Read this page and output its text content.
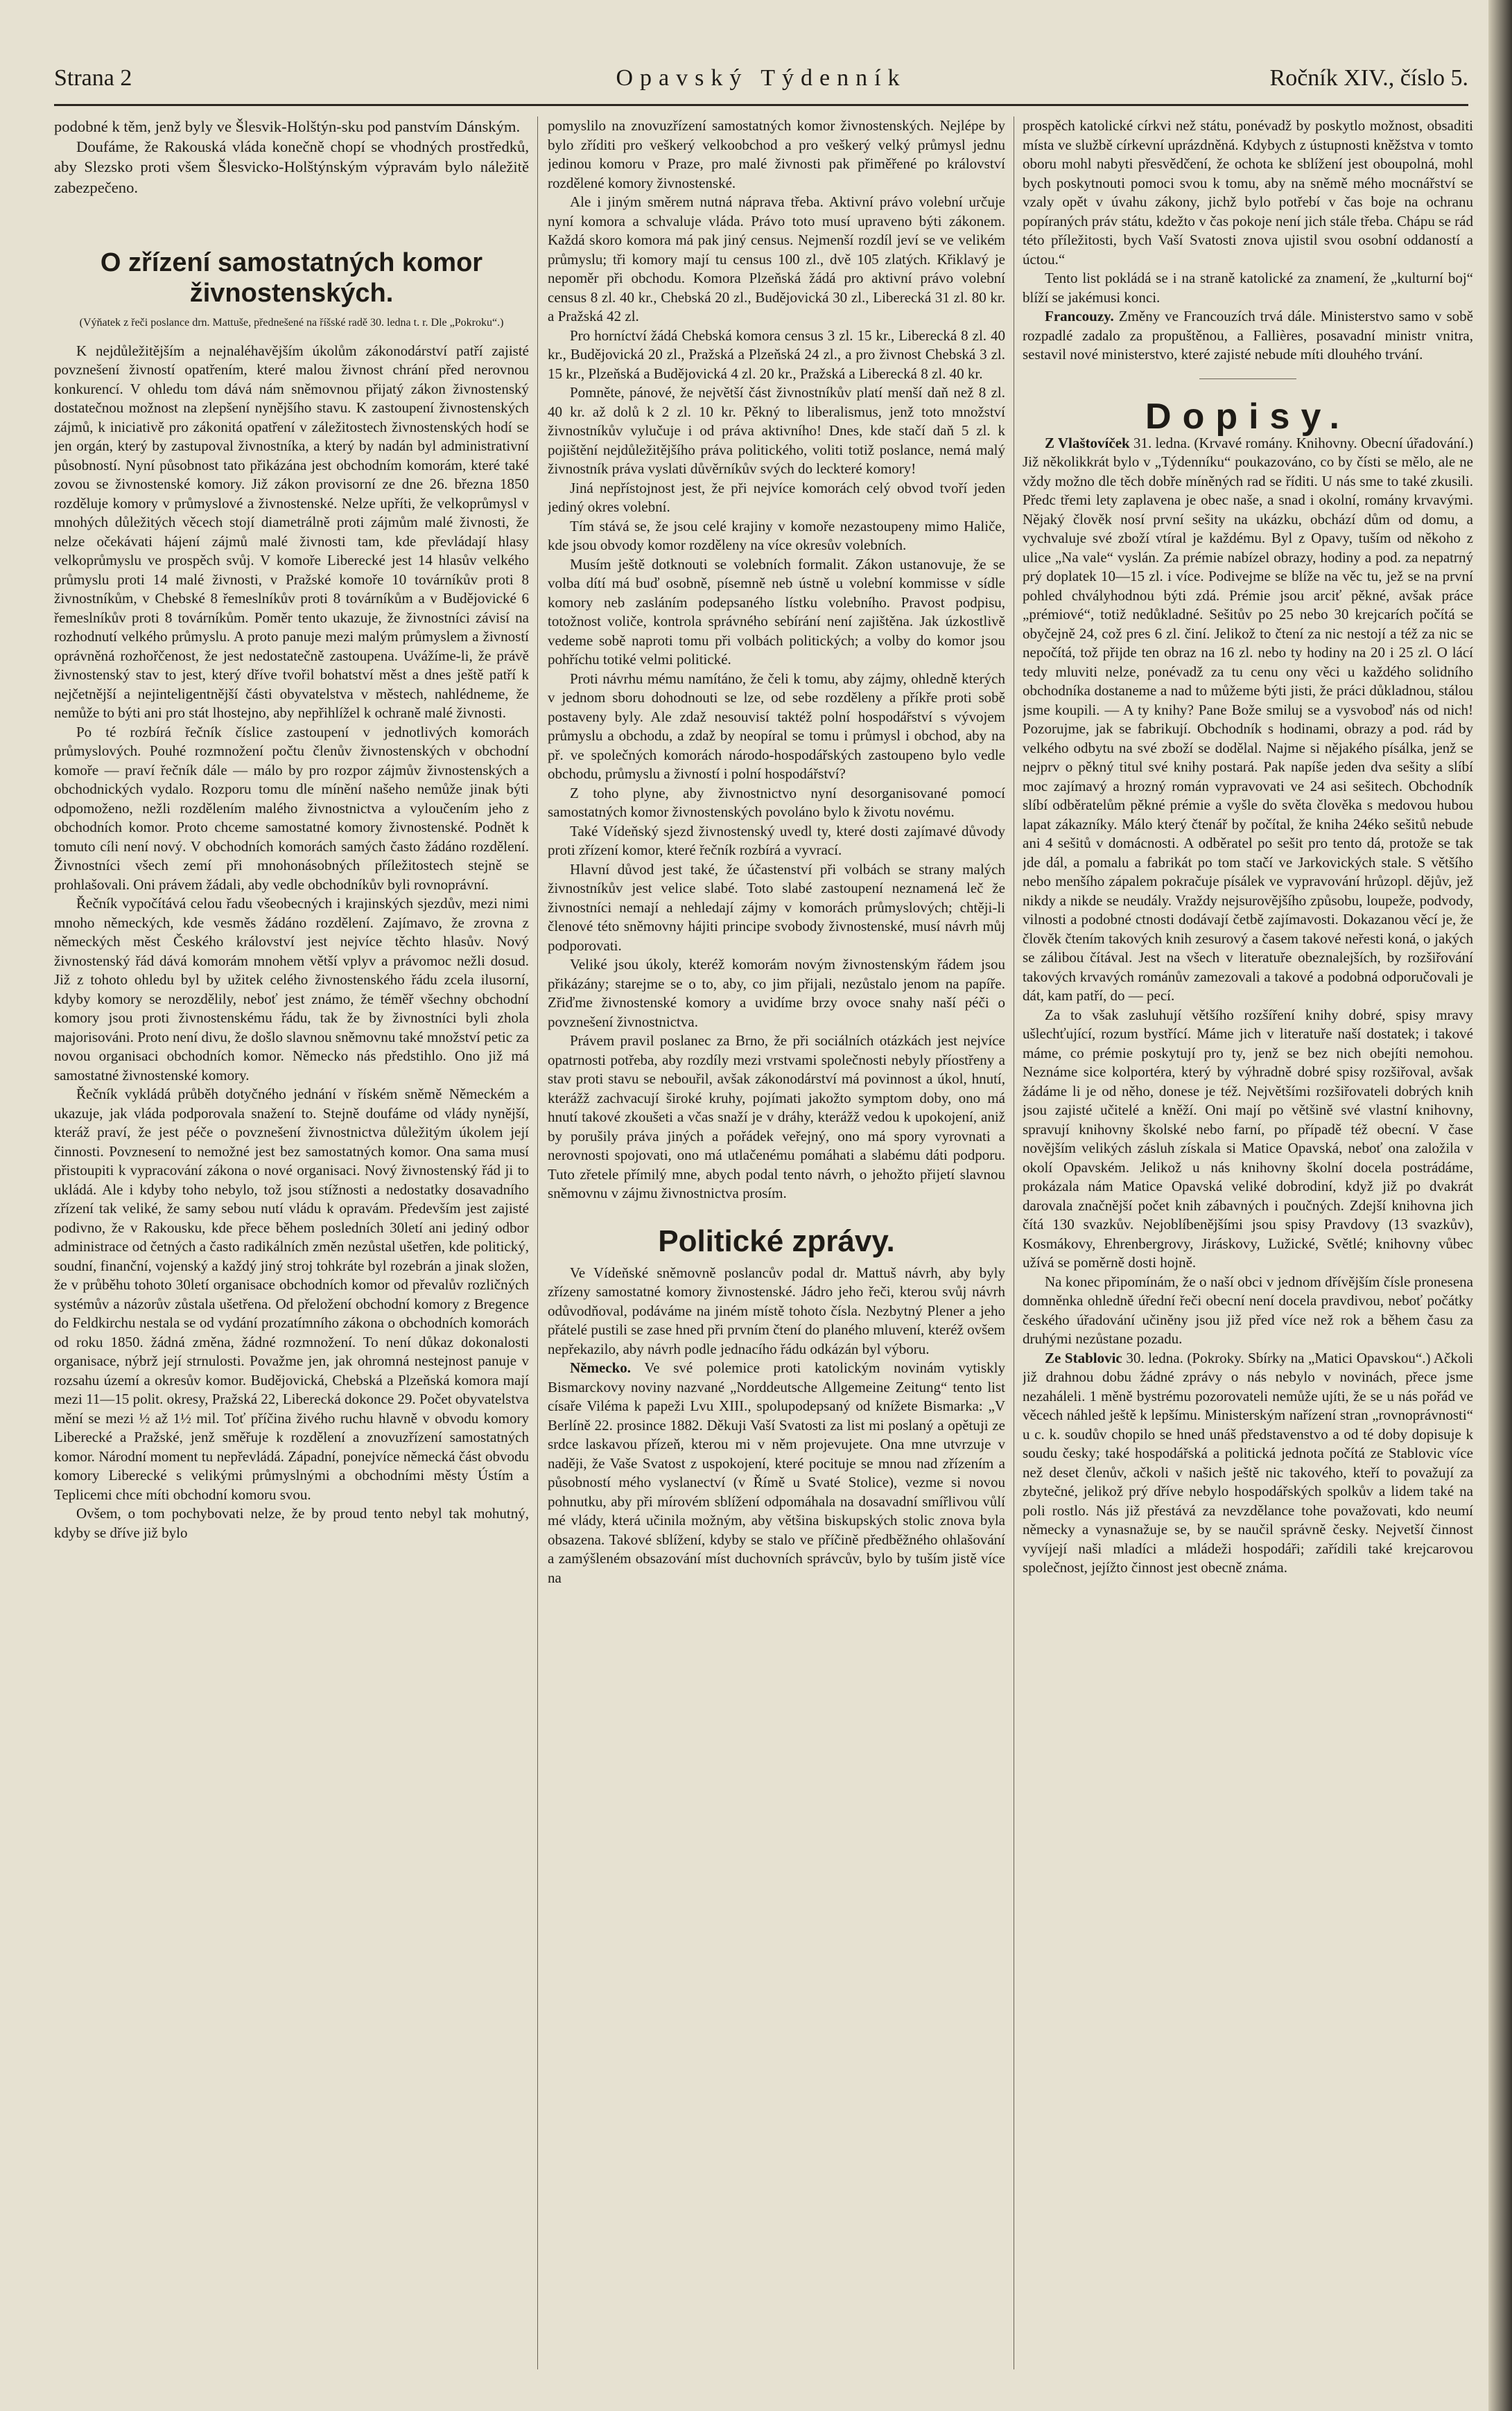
Strana 2	Opavský Týdenník	Ročník XIV., číslo 5.

podobné k těm, jenž byly ve Šlesvik-Holštýn-sku pod panstvím Dánským.

Doufáme, že Rakouská vláda konečně chopí se vhodných prostředků, aby Slezsko proti všem Šlesvicko-Holštýnským výpravám bylo náležitě zabezpečeno.

O zřízení samostatných komor živnostenských.
(Výňatek z řeči poslance drn. Mattuše, přednešené na říšské radě 30. ledna t. r. Dle „Pokroku“.)

K nejdůležitějším a nejnaléhavějším úkolům zákonodárství patří zajisté povznešení živností opatřením, které malou živnost chrání před nerovnou konkurencí. V ohledu tom dává nám sněmovnou přijatý zákon živnostenský dostatečnou možnost na zlepšení nynějšího stavu. K zastoupení živnostenských zájmů, k iniciativě pro zákonitá opatření v záležitostech živnostenských hodí se jen orgán, který by zastupoval živnostníka, a který by nadán byl administrativní působností. Nyní působnost tato přikázána jest obchodním komorám, které také zovou se živnostenské komory. Již zákon provisorní ze dne 26. března 1850 rozděluje komory v průmyslové a živnostenské. Nelze upříti, že velkoprůmysl v mnohých důležitých věcech stojí diametrálně proti zájmům malé živnosti, že nelze očekávati hájení zájmů malé živnosti tam, kde převládají hlasy velkoprůmyslu ve prospěch svůj. V komoře Liberecké jest 14 hlasův velkého průmyslu proti 14 malé živnosti, v Pražské komoře 10 továrníkův proti 8 živnostníkům, v Chebské 8 řemeslníkův proti 8 továrníkům a v Budějovické 6 řemeslníkův proti 8 továrníkům. Poměr tento ukazuje, že živnostníci závisí na rozhodnutí velkého průmyslu. A proto panuje mezi malým průmyslem a živností oprávněná rozhořčenost, že jest nedostatečně zastoupena. Uvážíme-li, že právě živnostenský stav to jest, který dříve tvořil bohatství měst a dnes ještě patří k nejčetnější a nejinteligentnější části obyvatelstva v městech, nahlédneme, že nemůže to býti ani pro stát lhostejno, aby nepřihlížel k ochraně malé živnosti.

Po té rozbírá řečník číslice zastoupení v jednotlivých komorách průmyslových. Pouhé rozmnožení počtu členův živnostenských v obchodní komoře — praví řečník dále — málo by pro rozpor zájmův živnostenských a obchodnických vydalo. Rozporu tomu dle mínění našeho nemůže jinak býti odpomoženo, nežli rozdělením malého živnostnictva a vyloučením jeho z obchodních komor. Proto chceme samostatné komory živnostenské. Podnět k tomuto cíli není nový. V obchodních komorách samých často žádáno rozdělení. Živnostníci všech zemí při mnohonásobných příležitostech stejně se prohlašovali. Oni právem žádali, aby vedle obchodníkův byli rovnoprávní.

Řečník vypočítává celou řadu všeobecných i krajinských sjezdův, mezi nimi mnoho německých, kde vesměs žádáno rozdělení. Zajímavo, že zrovna z německých měst Českého království jest nejvíce těchto hlasův. Nový živnostenský řád dává komorám mnohem větší vplyv a právomoc nežli dosud. Již z tohoto ohledu byl by užitek celého živnostenského řádu zcela ilusorní, kdyby komory se nerozdělily, neboť jest známo, že téměř všechny obchodní komory jsou proti živnostenskému řádu, tak že by živnostníci byli zhola majorisováni. Proto není divu, že došlo slavnou sněmovnu také množství petic za novou organisaci obchodních komor. Německo nás předstihlo. Ono již má samostatné živnostenské komory.

Řečník vykládá průběh dotyčného jednání v říském sněmě Německém a ukazuje, jak vláda podporovala snažení to. Stejně doufáme od vlády nynější, kteráž praví, že jest péče o povznešení živnostnictva důležitým úkolem její činnosti. Povznesení to nemožné jest bez samostatných komor. Ona sama musí přistoupiti k vypracování zákona o nové organisaci. Nový živnostenský řád ji to ukládá. Ale i kdyby toho nebylo, tož jsou stížnosti a nedostatky dosavadního zřízení tak veliké, že samy sebou nutí vládu k opravám. Především jest zajisté podivno, že v Rakousku, kde přece během posledních 30letí ani jediný odbor administrace od četných a často radikálních změn nezůstal ušetřen, kde politický, soudní, finanční, vojenský a každý jiný stroj tohkráte byl rozebrán a jinak složen, že v průběhu tohoto 30letí organisace obchodních komor od převalův rozličných systémův a názorův zůstala ušetřena. Od přeložení obchodní komory z Bregence do Feldkirchu nestala se od vydání prozatímního zákona o obchodních komorách od roku 1850. žádná změna, žádné rozmnožení. To není důkaz dokonalosti organisace, nýbrž její strnulosti. Považme jen, jak ohromná nestejnost panuje v rozsahu území a okresův komor. Budějovická, Chebská a Plzeňská komora mají mezi 11—15 polit. okresy, Pražská 22, Liberecká dokonce 29. Počet obyvatelstva mění se mezi ½ až 1½ mil. Toť příčina živého ruchu hlavně v obvodu komory Liberecké a Pražské, jenž směřuje k rozdělení a znovuzřízení samostatných komor. Národní moment tu nepřevládá. Západní, ponejvíce německá část obvodu komory Liberecké s velikými průmyslnými a obchodními městy Ústím a Teplicemi chce míti obchodní komoru svou.

Ovšem, o tom pochybovati nelze, že by proud tento nebyl tak mohutný, kdyby se dříve již bylo

pomyslilo na znovuzřízení samostatných komor živnostenských. Nejlépe by bylo zříditi pro veškerý velkoobchod a pro veškerý velký průmysl jednu jedinou komoru v Praze, pro malé živnosti pak přiměřené po království rozdělené komory živnostenské.

Ale i jiným směrem nutná náprava třeba. Aktivní právo volební určuje nyní komora a schvaluje vláda. Právo toto musí upraveno býti zákonem. Každá skoro komora má pak jiný census. Nejmenší rozdíl jeví se ve velikém průmyslu; tři komory mají tu census 100 zl., dvě 105 zlatých. Křiklavý je nepoměr při obchodu. Komora Plzeňská žádá pro aktivní právo volební census 8 zl. 40 kr., Chebská 20 zl., Budějovická 30 zl., Liberecká 31 zl. 80 kr. a Pražská 42 zl.

Pro horníctví žádá Chebská komora census 3 zl. 15 kr., Liberecká 8 zl. 40 kr., Budějovická 20 zl., Pražská a Plzeňská 24 zl., a pro živnost Chebská 3 zl. 15 kr., Plzeňská a Budějovická 4 zl. 20 kr., Pražská a Liberecká 8 zl. 40 kr.

Pomněte, pánové, že největší část živnostníkův platí menší daň než 8 zl. 40 kr. až dolů k 2 zl. 10 kr. Pěkný to liberalismus, jenž toto množství živnostníkův vylučuje i od práva aktivního! Dnes, kde stačí daň 5 zl. k pojištění nejdůležitějšího práva politického, voliti totiž poslance, nemá malý živnostník práva vyslati důvěrníkův svých do leckteré komory!

Jiná nepřístojnost jest, že při nejvíce komorách celý obvod tvoří jeden jediný okres volební.

Tím stává se, že jsou celé krajiny v komoře nezastoupeny mimo Haliče, kde jsou obvody komor rozděleny na více okresův volebních.

Musím ještě dotknouti se volebních formalit. Zákon ustanovuje, že se volba dítí má buď osobně, písemně neb ústně u volební kommisse v sídle komory neb zasláním podepsaného lístku volebního. Pravost podpisu, totožnost voliče, kontrola správného sebírání není zajištěna. Jak úzkostlivě vedeme sobě naproti tomu při volbách politických; a volby do komor jsou pohříchu totiké velmi politické.

Proti návrhu mému namítáno, že čeli k tomu, aby zájmy, ohledně kterých v jednom sboru dohodnouti se lze, od sebe rozděleny a příkře proti sobě postaveny byly. Ale zdaž nesouvisí taktéž polní hospodářství s vývojem průmyslu a obchodu, a zdaž by neopíral se tomu i průmysl i obchod, aby na př. ve společných komorách národo-hospodářských zastoupeno bylo vedle obchodu, průmyslu a živností i polní hospodářství?

Z toho plyne, aby živnostnictvo nyní desorganisované pomocí samostatných komor živnostenských povoláno bylo k životu novému.

Také Vídeňský sjezd živnostenský uvedl ty, které dosti zajímavé důvody proti zřízení komor, které řečník rozbírá a vyvrací.

Hlavní důvod jest také, že účastenství při volbách se strany malých živnostníkův jest velice slabé. Toto slabé zastoupení neznamená leč že živnostníci nemají a nehledají zájmy v komorách průmyslových; chtěji-li členové této sněmovny hájiti principe svobody živnostenské, musí návrh můj podporovati.

Veliké jsou úkoly, kteréž komorám novým živnostenským řádem jsou přikázány; starejme se o to, aby, co jim přijali, nezůstalo jenom na papíře. Zřiďme živnostenské komory a uvidíme brzy ovoce snahy naší péči o povznešení živnostnictva.

Právem pravil poslanec za Brno, že při sociálních otázkách jest nejvíce opatrnosti potřeba, aby rozdíly mezi vrstvami společnosti nebyly příostřeny a stav proti stavu se nebouřil, avšak zákonodárství má povinnost a úkol, hnutí, kterážž zachvacují široké kruhy, pojímati jakožto symptom doby, ono má hnutí takové zkoušeti a včas snaží je v dráhy, kterážž vedou k upokojení, aniž by porušily práva jiných a pořádek veřejný, ono má spory vyrovnati a nerovnosti spojovati, ono má utlačenému pomáhati a slabému dáti podporu. Tuto zřetele přímilý mne, abych podal tento návrh, o jehožto přijetí slavnou sněmovnu v zájmu živnostnictva prosím.

Politické zprávy.

Ve Vídeňské sněmovně poslancův podal dr. Mattuš návrh, aby byly zřízeny samostatné komory živnostenské. Jádro jeho řeči, kterou svůj návrh odůvodňoval, podáváme na jiném místě tohoto čísla. Nezbytný Plener a jeho přátelé pustili se zase hned při prvním čtení do planého mluvení, kteréž ovšem nepřekazilo, aby návrh podle jednacího řádu odkázán byl výboru.

Německo. Ve své polemice proti katolickým novinám vytiskly Bismarckovy noviny nazvané „Norddeutsche Allgemeine Zeitung“ tento list císaře Viléma k papeži Lvu XIII., spolupodepsaný od knížete Bismarka: „V Berlíně 22. prosince 1882. Děkuji Vaší Svatosti za list mi poslaný a opětuji ze srdce laskavou přízeň, kterou mi v něm projevujete. Ona mne utvrzuje v naději, že Vaše Svatost z uspokojení, které pocituje se mnou nad zřízením a působností mého vyslanectví (v Římě u Svaté Stolice), vezme si novou pohnutku, aby při mírovém sblížení odpomáhala na dosavadní smířlivou vůlí mé vlády, která učinila možným, aby většina biskupských stolic znova byla obsazena. Takové sblížení, kdyby se stalo ve příčině předběžného ohlašování a zamýšleném obsazování míst duchovních správcův, bylo by tuším jistě více na

prospěch katolické církvi než státu, ponévadž by poskytlo možnost, obsaditi místa ve službě církevní uprázdněná. Kdybych z ústupnosti kněžstva v tomto oboru mohl nabyti přesvědčení, že ochota ke sblížení jest oboupolná, mohl bych poskytnouti pomoci svou k tomu, aby na sněmě mého mocnářství se vzaly opět v úvahu zákony, jichž bylo potřebí v čas boje na ochranu popíraných práv státu, kdežto v čas pokoje není jich stále třeba. Chápu se rád této příležitosti, bych Vaší Svatosti znova ujistil svou osobní oddaností a úctou.“

Tento list pokládá se i na straně katolické za znamení, že „kulturní boj“ blíží se jakémusi konci.

Francouzy. Změny ve Francouzích trvá dále. Ministerstvo samo v sobě rozpadlé zadalo za propuštěnou, a Fallières, posavadní ministr vnitra, sestavil nové ministerstvo, které zajisté nebude míti dlouhého trvání.

Dopisy.

Z Vlaštovíček 31. ledna. (Krvavé romány. Knihovny. Obecní úřadování.) Již několikkrát bylo v „Týdenníku“ poukazováno, co by čísti se mělo, ale ne vždy možno dle těch dobře míněných rad se říditi. U nás sme to také zkusili. Předc třemi lety zaplavena je obec naše, a snad i okolní, romány krvavými. Nějaký člověk nosí první sešity na ukázku, obchází dům od domu, a vychvaluje své zboží vtíral je každému. Byl z Opavy, tuším od někoho z ulice „Na vale“ vyslán. Za prémie nabízel obrazy, hodiny a pod. za nepatrný prý doplatek 10—15 zl. i více. Podivejme se blíže na věc tu, jež se na první pohled chvályhodnou býti zdá. Prémie jsou arciť pěkné, avšak práce „prémiové“, totiž nedůkladné. Sešitův po 25 nebo 30 krejcarích počítá se obyčejně 24, což pres 6 zl. činí. Jelikož to čtení za nic nestojí a též za nic se nepočítá, tož přijde ten obraz na 16 zl. nebo ty hodiny na 20 i 25 zl. O lácí tedy mluviti nelze, ponévadž za tu cenu ony věci u každého solidního obchodníka dostaneme a nad to můžeme býti jisti, že práci důkladnou, stálou jsme koupili. — A ty knihy? Pane Bože smiluj se a vysvoboď nás od nich! Pozorujme, jak se fabrikují. Obchodník s hodinami, obrazy a pod. rád by velkého odbytu na své zboží se dodělal. Najme si nějakého písálka, jenž se nejprv o pěkný titul své knihy postará. Pak napíše jeden dva sešity a slíbí moc zajímavý a hrozný román vypravovati ve 24 asi sešitech. Obchodník slíbí odběratelům pěkné prémie a vyšle do světa člověka s medovou hubou lapat zákazníky. Málo který čtenář by počítal, že kniha 24éko sešitů nebude ani 4 sešitů v domácnosti. A odběratel po sešit pro tento dá, protože se tak jde dál, a pomalu a fabrikát po tom stačí ve Jarkovických stale. S většího nebo menšího zápalem pokračuje písálek ve vypravování hrůzopl. dějův, jež nikdy a nikde se neudály. Vraždy nejsurovějšího způsobu, loupeže, podvody, vilnosti a podobné ctnosti dodávají četbě zajímavosti. Dokazanou věcí je, že člověk čtením takových knih zesurový a časem takové neřesti koná, o jakých se zálibou čítával. Jest na všech v literatuře obeznalejších, by rozšiřování takových krvavých románův zamezovali a takové a podobná odporučovali je dát, kam patří, do — pecí.

Za to však zasluhují většího rozšíření knihy dobré, spisy mravy ušlechťující, rozum bystřící. Máme jich v literatuře naší dostatek; i takové máme, co prémie poskytují pro ty, jenž se bez nich obejíti nemohou. Neznáme sice kolportéra, který by výhradně dobré spisy rozšiřoval, avšak žádáme li je od něho, donese je též. Největšími rozšiřovateli dobrých knih jsou zajisté učitelé a kněží. Oni mají po většině své vlastní knihovny, spravují knihovny školské nebo farní, po případě též obecní. V čase novějším velikých zásluh získala si Matice Opavská, neboť ona založila v okolí Opavském. Jelikož u nás knihovny školní docela postrádáme, prokázala nám Matice Opavská veliké dobrodiní, když již po dvakrát darovala značnější počet knih zábavných i poučných. Zdejší knihovna jich čítá 130 svazkův. Nejoblíbenějšími jsou spisy Pravdovy (13 svazkův), Kosmákovy, Ehrenbergrovy, Jiráskovy, Lužické, Světlé; knihovny vůbec užívá se poměrně dosti hojně.

Na konec připomínám, že o naší obci v jednom dřívějším čísle pronesena domněnka ohledně úřední řeči obecní není docela pravdivou, neboť počátky českého úřadování učiněny jsou již před více než rok a během času za druhými nezůstane pozadu.

Ze Stablovic 30. ledna. (Pokroky. Sbírky na „Matici Opavskou“.) Ačkoli již drahnou dobu žádné zprávy o nás nebylo v novinách, přece jsme nezaháleli. 1 měně bystrému pozorovateli nemůže ujíti, že se u nás pořád ve věcech náhled ještě k lepšímu. Ministerským nařízení stran „rovnoprávnosti“ u c. k. soudův chopilo se hned unáš představenstvo a od té doby dopisuje k soudu česky; také hospodářská a politická jednota počítá ze Stablovic více než deset členův, ačkoli v našich ještě nic takového, kteří to považují za zbytečné, jelikož prý dříve nebylo hospodářských spolkův a lidem také na poli rostlo. Nás již přestává za nevzdělance tohe považovati, kdo neumí německy a vynasnažuje se, by se naučil správně česky. Nejvetší činnost vyvíjejí naši mladíci a mládeži hospodáři; zařídili také krejcarovou společnost, jejížto činnost jest obecně známa.
